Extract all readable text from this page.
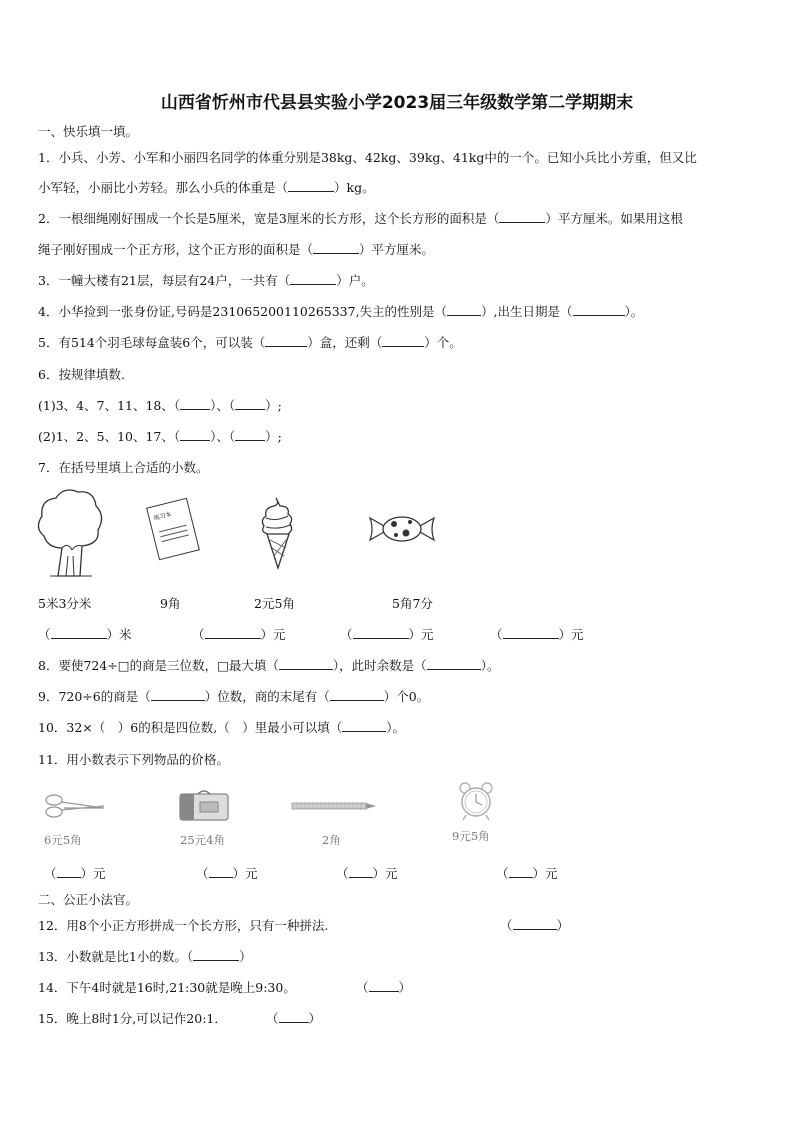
山西省忻州市代县县实验小学2023届三年级数学第二学期期末
一、快乐填一填。
1．小兵、小芳、小军和小丽四名同学的体重分别是38kg、42kg、39kg、41kg中的一个。已知小兵比小芳重，但又比
小军轻，小丽比小芳轻。那么小兵的体重是（	）kg。
2．一根细绳刚好围成一个长是5厘米，宽是3厘米的长方形，这个长方形的面积是（	）平方厘米。如果用这根
绳子刚好围成一个正方形，这个正方形的面积是（	）平方厘米。
3．一幢大楼有21层，每层有24户，一共有（	）户。
4．小华捡到一张身份证,号码是231065200110265337,失主的性别是（	）,出生日期是（	）。
5．有514个羽毛球每盒装6个，可以装（	）盒，还剩（	）个。
6．按规律填数.
(1)3、4、7、11、18、（ ）、（ ）;
(2)1、2、5、10、17、（ ）、（ ）;
7．在括号里填上合适的小数。
练习本
5米3分米	9角	2元5角	5角7分
（	）米	（	）元	（	）元	（	）元
8．要使724÷□的商是三位数，□最大填（	），此时余数是（	）。
9．720÷6的商是（	）位数，商的末尾有（	）个0。
10．32×（　）6的积是四位数,（　）里最小可以填（	）。
11．用小数表示下列物品的价格。
6元5角	25元4角	2角	9元5角
（ ）元	（ ）元	（ ）元	（ ）元
二、公正小法官。
12．用8个小正方形拼成一个长方形，只有一种拼法.	（	）
13．小数就是比1小的数。（	）
14．下午4时就是16时,21:30就是晚上9:30。	（ ）
15．晚上8时1分,可以记作20:1．	（ ）
